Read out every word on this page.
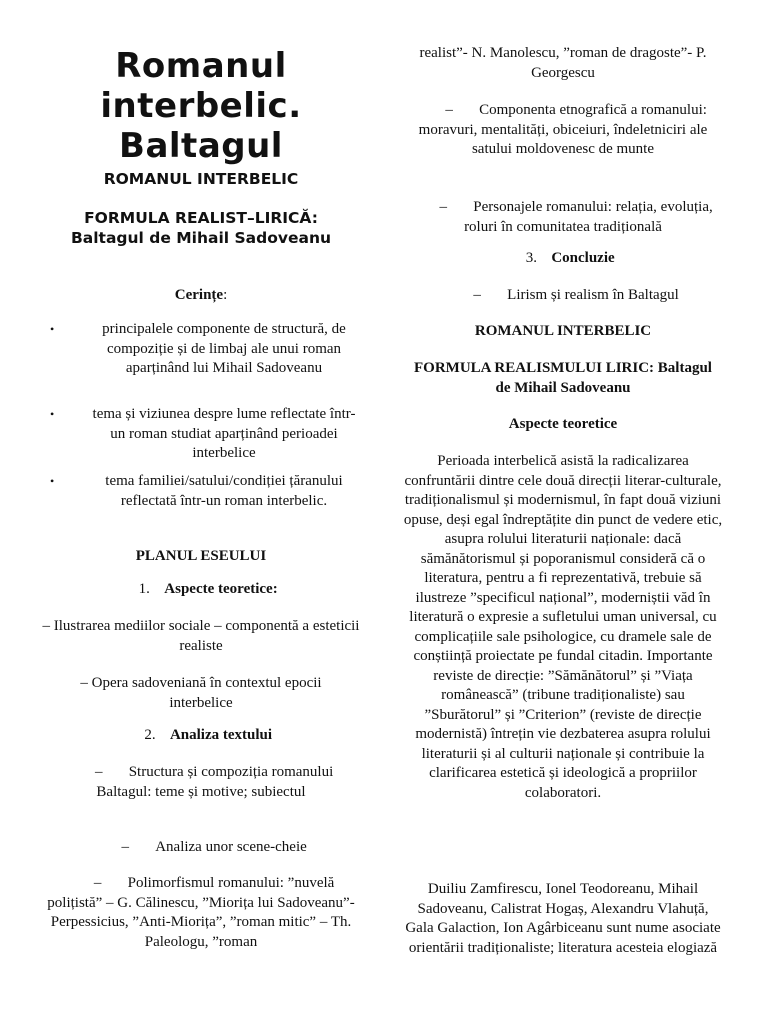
Romanul interbelic. Baltagul
ROMANUL INTERBELIC
FORMULA REALIST–LIRICĂ: Baltagul de Mihail Sadoveanu

Cerințe:

•	principalele componente de structură, de compoziție și de limbaj ale unui roman aparținând lui Mihail Sadoveanu
•	tema și viziunea despre lume reflectate într-un roman studiat aparținând perioadei interbelice
•	tema familiei/satului/condiției țăranului reflectată într-un roman interbelic.

PLANUL ESEULUI

1. Aspecte teoretice:

– Ilustrarea mediilor sociale – componentă a esteticii realiste

– Opera sadoveniană în contextul epocii interbelice

2. Analiza textului

– Structura și compoziția romanului Baltagul: teme și motive; subiectul

– Analiza unor scene-cheie

– Polimorfismul romanului: ”nuvelă polițistă” – G. Călinescu, ”Miorița lui Sadoveanu”- Perpessicius, ”Anti-Miorița”, ”roman mitic” – Th. Paleologu, ”roman

realist”- N. Manolescu, ”roman de dragoste”- P. Georgescu

– Componenta etnografică a romanului: moravuri, mentalități, obiceiuri, îndeletniciri ale satului moldovenesc de munte

– Personajele romanului: relația, evoluția, roluri în comunitatea tradițională

3. Concluzie

– Lirism și realism în Baltagul

ROMANUL INTERBELIC

FORMULA REALISMULUI LIRIC: Baltagul de Mihail Sadoveanu

Aspecte teoretice

Perioada interbelică asistă la radicalizarea confruntării dintre cele două direcții literar-culturale, tradiționalismul și modernismul, în fapt două viziuni opuse, deși egal îndreptățite din punct de vedere etic, asupra rolului literaturii naționale: dacă sămănătorismul și poporanismul consideră că o literatura, pentru a fi reprezentativă, trebuie să ilustreze ”specificul național”, moderniștii văd în literatură o expresie a sufletului uman universal, cu complicațiile sale psihologice, cu dramele sale de conștiință proiectate pe fundal citadin. Importante reviste de direcție: ”Sămănătorul” și ”Viața românească” (tribune tradiționaliste) sau ”Sburătorul” și ”Criterion” (reviste de direcție modernistă) întrețin vie dezbaterea asupra rolului literaturii și al culturii naționale și contribuie la clarificarea estetică și ideologică a propriilor colaboratori.

Duiliu Zamfirescu, Ionel Teodoreanu, Mihail Sadoveanu, Calistrat Hogaș, Alexandru Vlahuță, Gala Galaction, Ion Agârbiceanu sunt nume asociate orientării tradiționaliste; literatura acesteia elogiază
